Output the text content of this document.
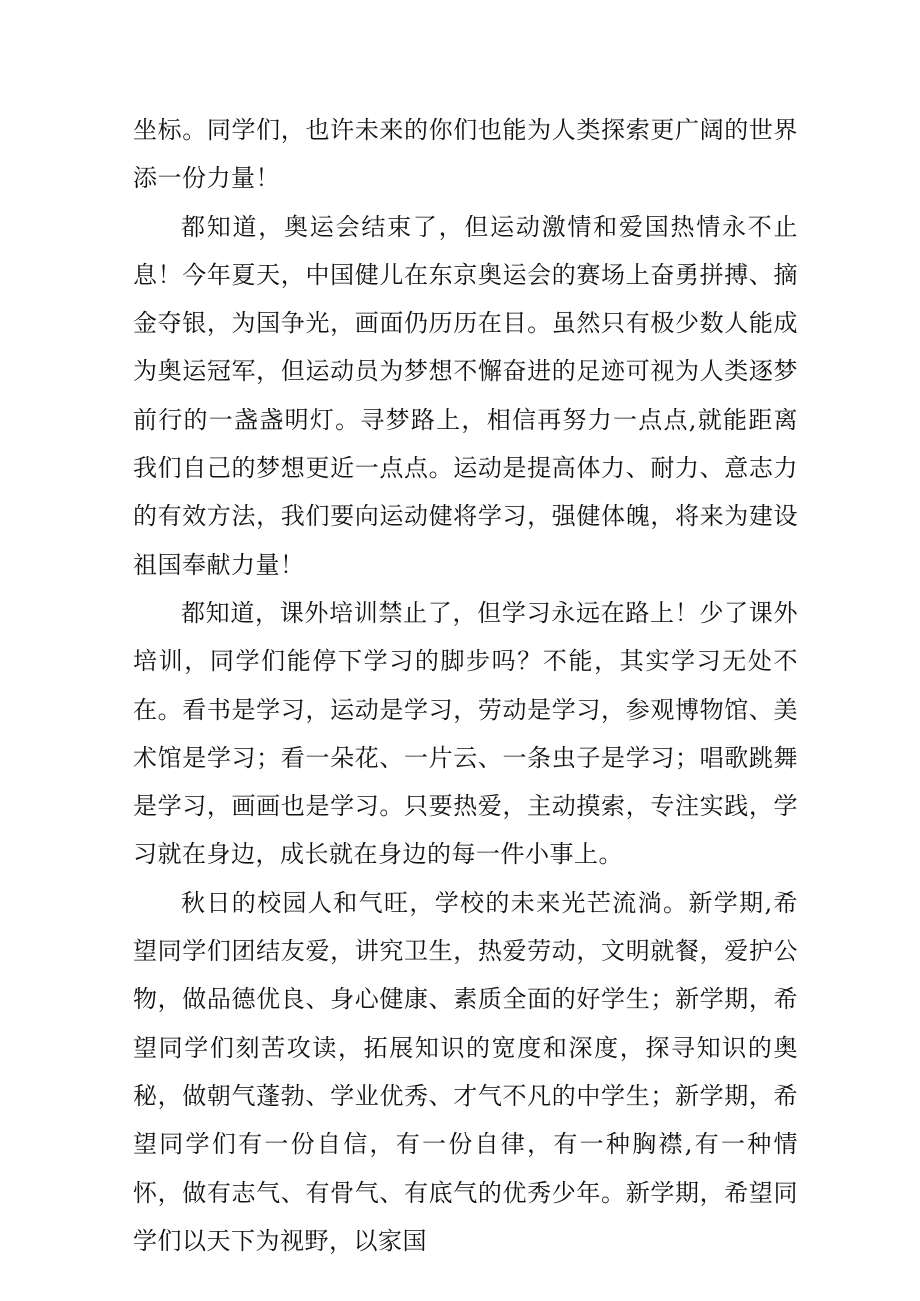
坐标。同学们，也许未来的你们也能为人类探索更广阔的世界添一份力量！

都知道，奥运会结束了，但运动激情和爱国热情永不止息！今年夏天，中国健儿在东京奥运会的赛场上奋勇拼搏、摘金夺银，为国争光，画面仍历历在目。虽然只有极少数人能成为奥运冠军，但运动员为梦想不懈奋进的足迹可视为人类逐梦前行的一盏盏明灯。寻梦路上，相信再努力一点点,就能距离我们自己的梦想更近一点点。运动是提高体力、耐力、意志力的有效方法，我们要向运动健将学习，强健体魄，将来为建设祖国奉献力量！

都知道，课外培训禁止了，但学习永远在路上！少了课外培训，同学们能停下学习的脚步吗？不能，其实学习无处不在。看书是学习，运动是学习，劳动是学习，参观博物馆、美术馆是学习；看一朵花、一片云、一条虫子是学习；唱歌跳舞是学习，画画也是学习。只要热爱，主动摸索，专注实践，学习就在身边，成长就在身边的每一件小事上。

秋日的校园人和气旺，学校的未来光芒流淌。新学期,希望同学们团结友爱，讲究卫生，热爱劳动，文明就餐，爱护公物，做品德优良、身心健康、素质全面的好学生；新学期，希望同学们刻苦攻读，拓展知识的宽度和深度，探寻知识的奥秘，做朝气蓬勃、学业优秀、才气不凡的中学生；新学期，希望同学们有一份自信，有一份自律，有一种胸襟,有一种情怀，做有志气、有骨气、有底气的优秀少年。新学期，希望同学们以天下为视野，以家国
